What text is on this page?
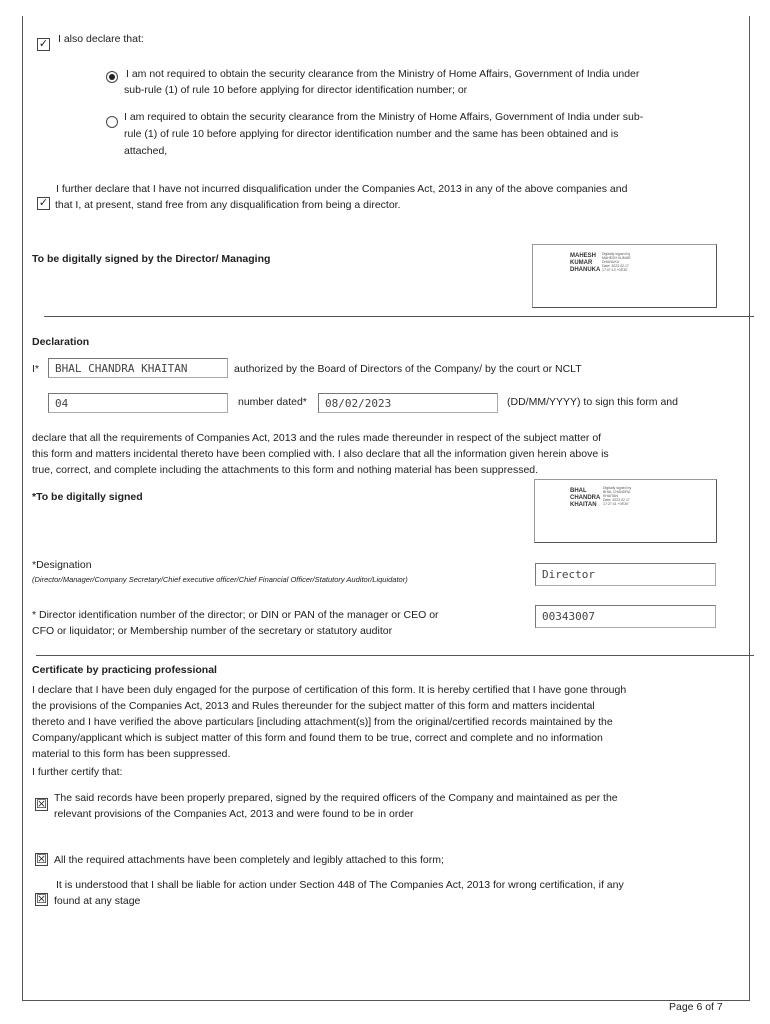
✓ I also declare that:
I am not required to obtain the security clearance from the Ministry of Home Affairs, Government of India under
sub-rule (1) of rule 10 before applying for director identification number; or
I am required to obtain the security clearance from the Ministry of Home Affairs, Government of India under sub-
rule (1) of rule 10 before applying for director identification number and the same has been obtained and is
attached,
I further declare that I have not incurred disqualification under the Companies Act, 2013 in any of the above companies and
✓ that I, at present, stand free from any disqualification from being a director.
To be digitally signed by the Director/ Managing	MAHESH
KUMAR
DHANUKA
Digitally signed by
MAHESH KUMAR
DHANUKA
Date: 2023.02.17
17:07:13 +05'30'
Declaration
I*	BHAL CHANDRA KHAITAN	authorized by the Board of Directors of the Company/ by the court or NCLT
04	number dated*	08/02/2023	(DD/MM/YYYY) to sign this form and
declare that all the requirements of Companies Act, 2013 and the rules made thereunder in respect of the subject matter of
this form and matters incidental thereto have been complied with. I also declare that all the information given herein above is
true, correct, and complete including the attachments to this form and nothing material has been suppressed.
*To be digitally signed	BHAL
CHANDRA
KHAITAN
Digitally signed by
BHAL CHANDRA
KHAITAN
Date: 2023.02.17
17:27:41 +05'30'
*Designation
(Director/Manager/Company Secretary/Chief executive officer/Chief Financial Officer/Statutory Auditor/Liquidator)	Director
* Director identification number of the director; or DIN or PAN of the manager or CEO or
CFO or liquidator; or Membership number of the secretary or statutory auditor
00343007
Certificate by practicing professional
I declare that I have been duly engaged for the purpose of certification of this form. It is hereby certified that I have gone through
the provisions of the Companies Act, 2013 and Rules thereunder for the subject matter of this form and matters incidental
thereto and I have verified the above particulars [including attachment(s)] from the original/certified records maintained by the
Company/applicant which is subject matter of this form and found them to be true, correct and complete and no information
material to this form has been suppressed.
I further certify that:
☒ The said records have been properly prepared, signed by the required officers of the Company and maintained as per the
relevant provisions of the Companies Act, 2013 and were found to be in order
☒ All the required attachments have been completely and legibly attached to this form;
It is understood that I shall be liable for action under Section 448 of The Companies Act, 2013 for wrong certification, if any
☒ found at any stage
Page 6 of 7
